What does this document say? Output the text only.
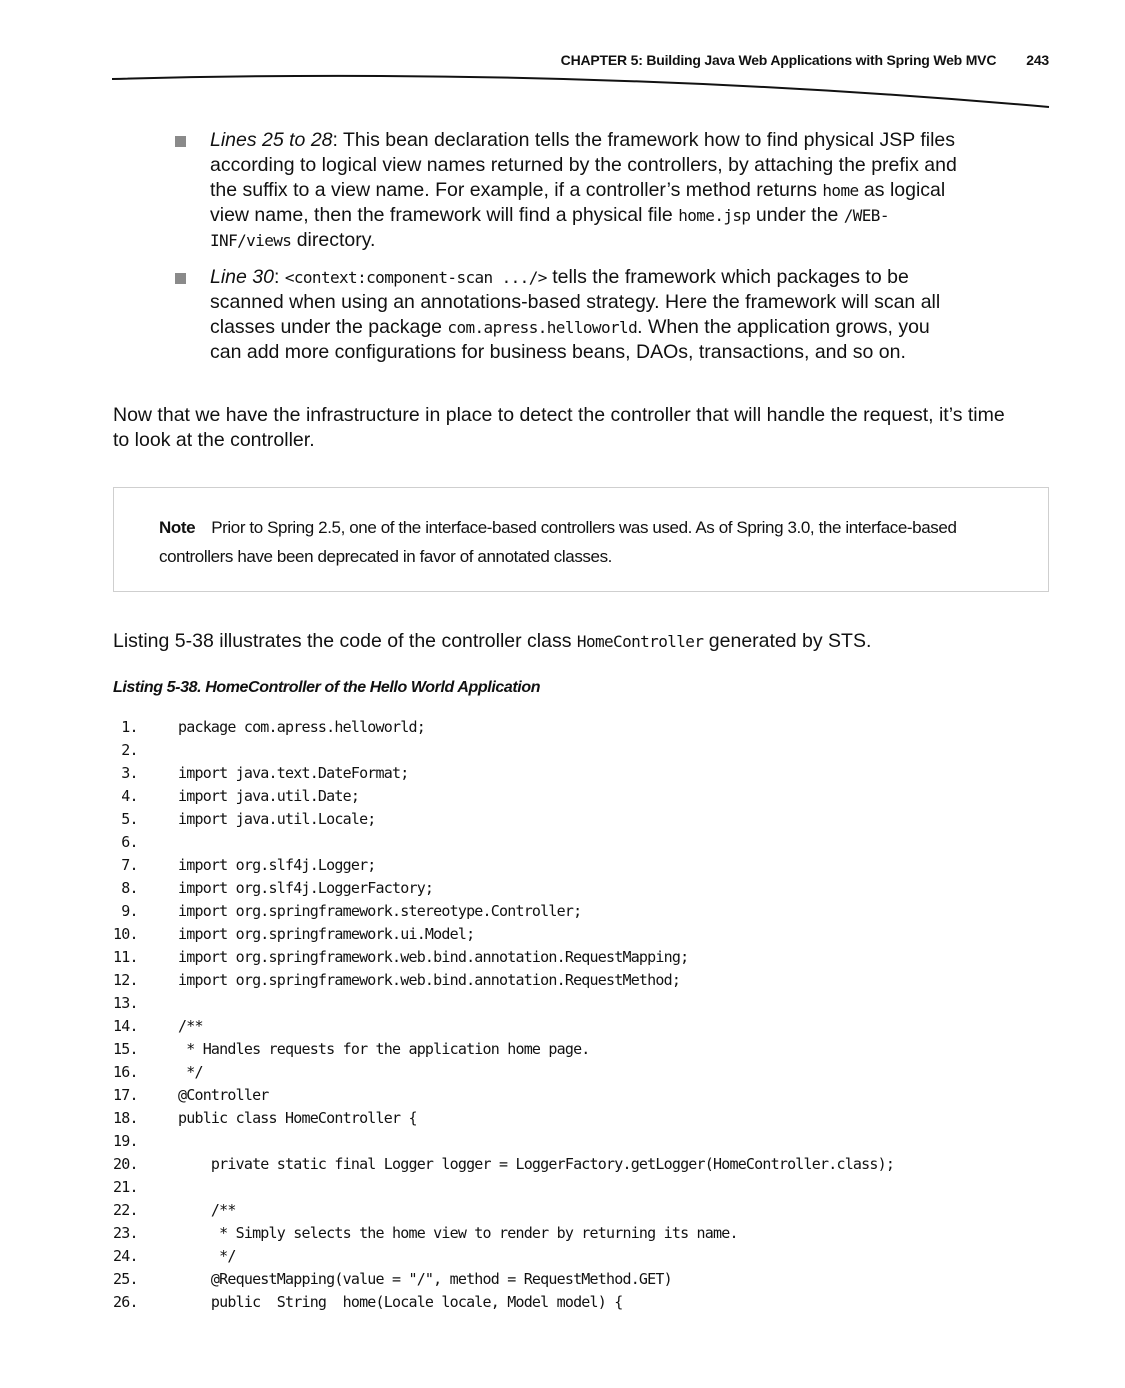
CHAPTER 5: Building Java Web Applications with Spring Web MVC 243
Lines 25 to 28: This bean declaration tells the framework how to find physical JSP files according to logical view names returned by the controllers, by attaching the prefix and the suffix to a view name. For example, if a controller’s method returns home as logical view name, then the framework will find a physical file home.jsp under the /WEB-INF/views directory.
Line 30: <context:component-scan .../> tells the framework which packages to be scanned when using an annotations-based strategy. Here the framework will scan all classes under the package com.apress.helloworld. When the application grows, you can add more configurations for business beans, DAOs, transactions, and so on.

Now that we have the infrastructure in place to detect the controller that will handle the request, it’s time to look at the controller.

Note Prior to Spring 2.5, one of the interface-based controllers was used. As of Spring 3.0, the interface-based controllers have been deprecated in favor of annotated classes.

Listing 5-38 illustrates the code of the controller class HomeController generated by STS.

Listing 5-38. HomeController of the Hello World Application
1.	package com.apress.helloworld;
2.
3.	import java.text.DateFormat;
4.	import java.util.Date;
5.	import java.util.Locale;
6.
7.	import org.slf4j.Logger;
8.	import org.slf4j.LoggerFactory;
9.	import org.springframework.stereotype.Controller;
10.	import org.springframework.ui.Model;
11.	import org.springframework.web.bind.annotation.RequestMapping;
12.	import org.springframework.web.bind.annotation.RequestMethod;
13.
14.	/**
15.	* Handles requests for the application home page.
16.	*/
17.	@Controller
18.	public class HomeController {
19.
20.	private static final Logger logger = LoggerFactory.getLogger(HomeController.class);
21.
22.	/**
23.	* Simply selects the home view to render by returning its name.
24.	*/
25.	@RequestMapping(value = "/", method = RequestMethod.GET)
26.	public  String  home(Locale locale, Model model) {
